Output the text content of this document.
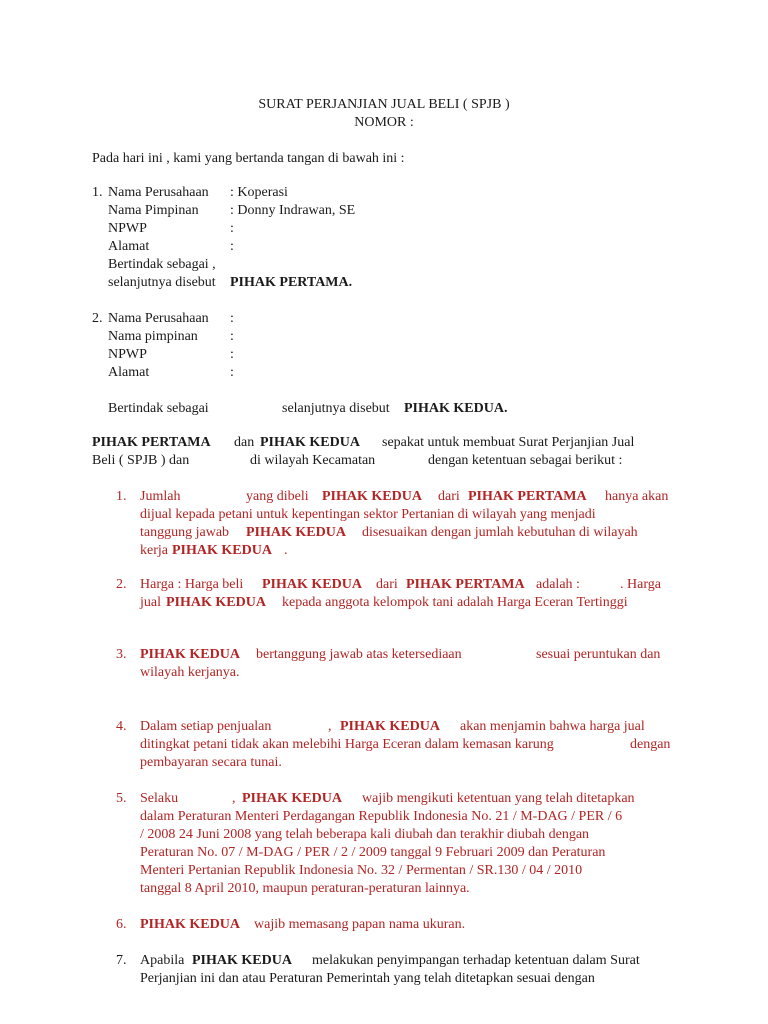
SURAT PERJANJIAN JUAL BELI ( SPJB )
NOMOR :
Pada hari ini , kami yang bertanda tangan di bawah ini :
1. Nama Perusahaan : Koperasi
Nama Pimpinan : Donny Indrawan, SE
NPWP	:
Alamat	:
Bertindak sebagai ,
selanjutnya disebut PIHAK PERTAMA.
2. Nama Perusahaan :
Nama pimpinan :
NPWP	:
Alamat	:
Bertindak sebagai	selanjutnya disebut PIHAK KEDUA.
PIHAK PERTAMA dan PIHAK KEDUA sepakat untuk membuat Surat Perjanjian Jual
Beli ( SPJB ) dan	di wilayah Kecamatan	dengan ketentuan sebagai berikut :
1. Jumlah	yang dibeli PIHAK KEDUA dari PIHAK PERTAMA hanya akan
dijual kepada petani untuk kepentingan sektor Pertanian di wilayah yang menjadi
tanggung jawab PIHAK KEDUA disesuaikan dengan jumlah kebutuhan di wilayah
kerja PIHAK KEDUA .
2. Harga : Harga beli PIHAK KEDUA dari PIHAK PERTAMA adalah :	. Harga
jual PIHAK KEDUA kepada anggota kelompok tani adalah Harga Eceran Tertinggi
3. PIHAK KEDUA bertanggung jawab atas ketersediaan	sesuai peruntukan dan
wilayah kerjanya.
4. Dalam setiap penjualan	, PIHAK KEDUA akan menjamin bahwa harga jual
ditingkat petani tidak akan melebihi Harga Eceran dalam kemasan karung	dengan
pembayaran secara tunai.
5. Selaku	, PIHAK KEDUA wajib mengikuti ketentuan yang telah ditetapkan
dalam Peraturan Menteri Perdagangan Republik Indonesia No. 21 / M-DAG / PER / 6
/ 2008 24 Juni 2008 yang telah beberapa kali diubah dan terakhir diubah dengan
Peraturan No. 07 / M-DAG / PER / 2 / 2009 tanggal 9 Februari 2009 dan Peraturan
Menteri Pertanian Republik Indonesia No. 32 / Permentan / SR.130 / 04 / 2010
tanggal 8 April 2010, maupun peraturan-peraturan lainnya.
6. PIHAK KEDUA wajib memasang papan nama ukuran.
7. Apabila PIHAK KEDUA melakukan penyimpangan terhadap ketentuan dalam Surat
Perjanjian ini dan atau Peraturan Pemerintah yang telah ditetapkan sesuai dengan
